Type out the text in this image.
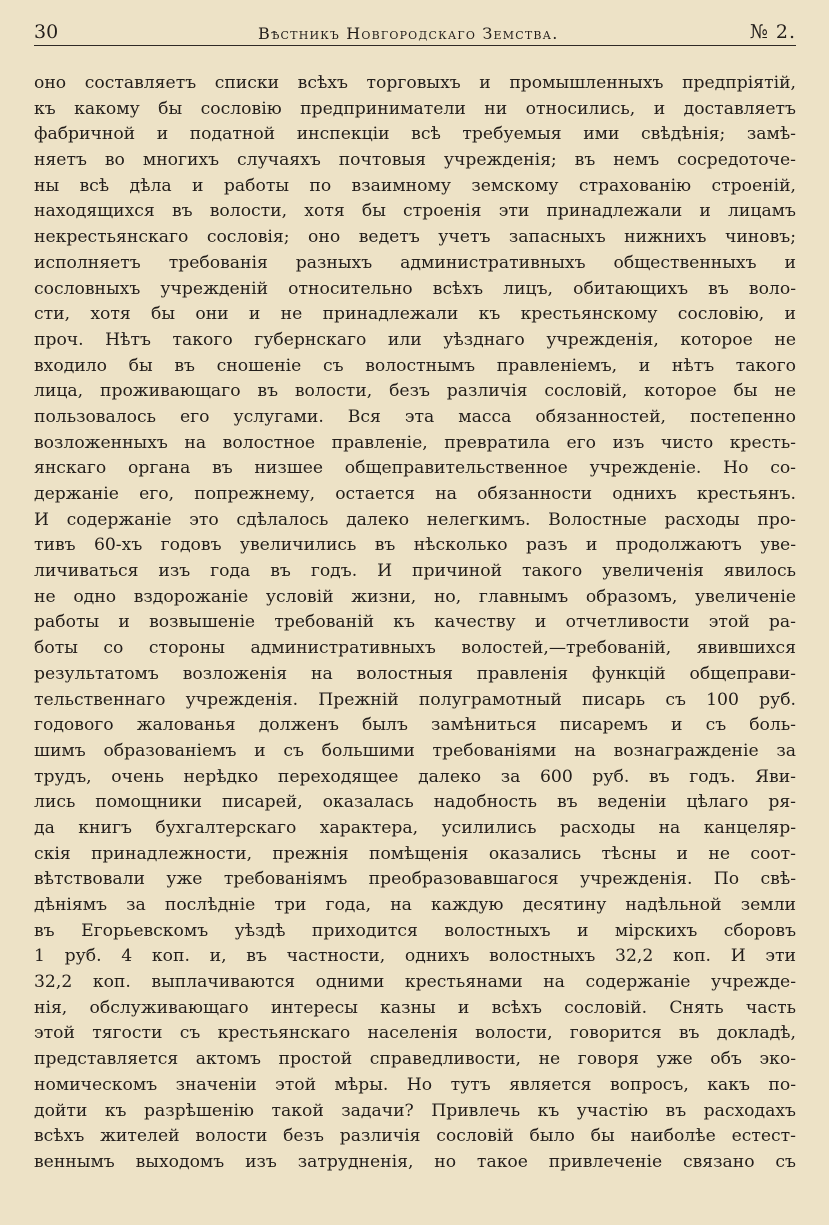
30	Вѣстникъ Новгородскаго Земства.	№ 2.
оно составляетъ списки всѣхъ торговыхъ и промышленныхъ предпріятій,
къ какому бы сословію предприниматели ни относились, и доставляетъ
фабричной и податной инспекціи всѣ требуемыя ими свѣдѣнія; замѣ-
няетъ во многихъ случаяхъ почтовыя учрежденія; въ немъ сосредоточе-
ны всѣ дѣла и работы по взаимному земскому страхованію строеній,
находящихся въ волости, хотя бы строенія эти принадлежали и лицамъ
некрестьянскаго сословія; оно ведетъ учетъ запасныхъ нижнихъ чиновъ;
исполняетъ требованія разныхъ административныхъ общественныхъ и
сословныхъ учрежденій относительно всѣхъ лицъ, обитающихъ въ воло-
сти, хотя бы они и не принадлежали къ крестьянскому сословію, и
проч. Нѣтъ такого губернскаго или уѣзднаго учрежденія, которое не
входило бы въ сношеніе съ волостнымъ правленіемъ, и нѣтъ такого
лица, проживающаго въ волости, безъ различія сословій, которое бы не
пользовалось его услугами. Вся эта масса обязанностей, постепенно
возложенныхъ на волостное правленіе, превратила его изъ чисто кресть-
янскаго органа въ низшее общеправительственное учрежденіе. Но со-
держаніе его, попрежнему, остается на обязанности однихъ крестьянъ.
И содержаніе это сдѣлалось далеко нелегкимъ. Волостные расходы про-
тивъ 60-хъ годовъ увеличились въ нѣсколько разъ и продолжаютъ уве-
личиваться изъ года въ годъ. И причиной такого увеличенія явилось
не одно вздорожаніе условій жизни, но, главнымъ образомъ, увеличеніе
работы и возвышеніе требованій къ качеству и отчетливости этой ра-
боты со стороны административныхъ волостей,—требованій, явившихся
результатомъ возложенія на волостныя правленія функцій общеправи-
тельственнаго учрежденія. Прежній полуграмотный писарь съ 100 руб.
годового жалованья долженъ былъ замѣниться писаремъ и съ боль-
шимъ образованіемъ и съ большими требованіями на вознагражденіе за
трудъ, очень нерѣдко переходящее далеко за 600 руб. въ годъ. Яви-
лись помощники писарей, оказалась надобность въ веденіи цѣлаго ря-
да книгъ бухгалтерскаго характера, усилились расходы на канцеляр-
скія принадлежности, прежнія помѣщенія оказались тѣсны и не соот-
вѣтствовали уже требованіямъ преобразовавшагося учрежденія. По свѣ-
дѣніямъ за послѣдніе три года, на каждую десятину надѣльной земли
въ Егорьевскомъ уѣздѣ приходится волостныхъ и мірскихъ сборовъ
1 руб. 4 коп. и, въ частности, однихъ волостныхъ 32,2 коп. И эти
32,2 коп. выплачиваются одними крестьянами на содержаніе учрежде-
нія, обслуживающаго интересы казны и всѣхъ сословій. Снять часть
этой тягости съ крестьянскаго населенія волости, говорится въ докладѣ,
представляется актомъ простой справедливости, не говоря уже объ эко-
номическомъ значеніи этой мѣры. Но тутъ является вопросъ, какъ по-
дойти къ разрѣшенію такой задачи? Привлечь къ участію въ расходахъ
всѣхъ жителей волости безъ различія сословій было бы наиболѣе естест-
веннымъ выходомъ изъ затрудненія, но такое привлеченіе связано съ
